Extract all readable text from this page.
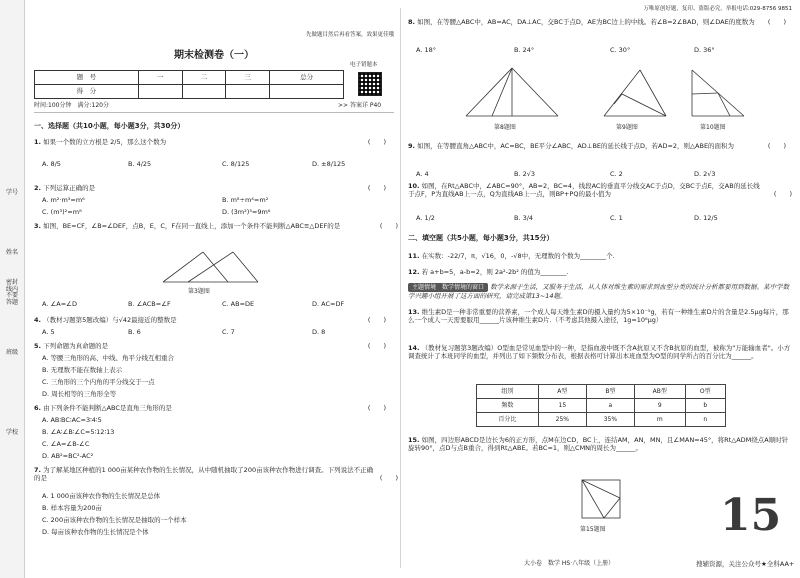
学号
姓名
密封线内不要答题
班级
学校
先做题目然后再看答案，效果更佳哦
期末检测卷（一）
题　号	一	二	三	总分
得　分				
电子错题本
时间:100分钟　满分:120分	>> 答案详 P40
一、选择题（共10小题，每小题3分，共30分）
1. 如果一个数的立方根是 2/5，那么这个数为	(　　)
A. 8/5	B. 4/25	C. 8/125	D. ±8/125
2. 下列运算正确的是	(　　)
A. m²·m³=m⁶	B. m⁸÷m⁴=m²
C. (m³)²=m⁸	D. (3m²)³=9m⁶
3. 如图，BE=CF，∠B=∠DEF，点B，E，C，F在同一直线上，添加一个条件不能判断△ABC≌△DEF的是	(　　)
第3题图
A. ∠A=∠D	B. ∠ACB=∠F	C. AB=DE	D. AC=DF
4. （教材习题第5题改编）与√42最接近的整数是	(　　)
A. 5	B. 6	C. 7	D. 8
5. 下列命题为真命题的是	(　　)
A. 等腰三角形的高、中线、角平分线互相重合
B. 无理数不能在数轴上表示
C. 三角形的三个内角的平分线交于一点
D. 周长相等的三角形全等
6. 由下列条件不能判断△ABC是直角三角形的是	(　　)
A. AB∶BC∶AC=3∶4∶5
B. ∠A∶∠B∶∠C=5∶12∶13
C. ∠A=∠B-∠C
D. AB²=BC²-AC²
7. 为了解某地区种植的1 000亩某种农作物的生长情况，从中随机抽取了200亩该种农作物进行调查。下列说法不正确的是	(　　)
A. 1 000亩该种农作物的生长情况是总体
B. 样本容量为200亩
C. 200亩该种农作物的生长情况是抽取的一个样本
D. 每亩该种农作物的生长情况是个体
万唯原创好题，复印、盗版必究。举报电话:029-8756 9851
8. 如图，在等腰△ABC中，AB=AC，DA⊥AC，交BC于点D，AE为BC边上的中线。若∠B=2∠BAD，则∠DAE的度数为 (　　)
A. 18°	B. 24°	C. 30°	D. 36°
第8题图	第9题图	第10题图
9. 如图，在等腰直角△ABC中，AC=BC，BE平分∠ABC，AD⊥BE的延长线于点D，若AD=2，则△ABE的面积为	(　　)
A. 4	B. 2√3	C. 2	D. 2√3
10. 如图，在Rt△ABC中，∠ABC=90°，AB=2，BC=4，线段AC的垂直平分线交AC于点D，交BC于点E，交AB的延长线于点F，P为直线AB上一点，Q为直线AB上一点，则BP+PQ的最小值为	(　　)
A. 1/2	B. 3/4	C. 1	D. 12/5
二、填空题（共5小题，每小题3分，共15分）
11. 在实数：-22/7，π，√16，0，-√8中，无理数的个数为________个.
12. 若 a+b=5，a-b=2，则 2a²-2b² 的值为________.
主题情境　数学情境的窗口 数学来源于生活，又服务于生活，从人体对维生素的需求到血型分类的统计分析都要用到数据。某中学数学兴趣小组开展了这方面的研究，请完成第13~14题。
13. 维生素D是一种非常重要的营养素，一个成人每天维生素D的摄入量约为5×10⁻⁵g，若有一种维生素D片的含量是2.5μg每片，那么一个成人一天需要服用______片该种维生素D片.（不考虑其他摄入途径，1g=10⁶μg）
14. （教材复习题第3题改编）O型血是常见血型中的一种，是指血液中既不含A抗原又不含B抗原的血型，被称为"万能输血者"。小方调查统计了本班同学的血型，并列出了如下频数分布表，根据表格可计算出本班血型为O型的同学所占的百分比为______。
组别	A型	B型	AB型	O型
频数	15	a	9	b
百分比	25%	35%	m	n
15. 如图，四边形ABCD是边长为6的正方形，点M在边CD，BC上，连结AM，AN，MN，且∠MAN=45°，将Rt△ADM绕点A顺时针旋转90°，点D与点B重合，得到Rt△ABE。若BC=1，则△CMN的周长为______。
第15题图	15
大小卷　数学 HS·八年级（上册）	搜辅资源，关注公众号★全科AA+
